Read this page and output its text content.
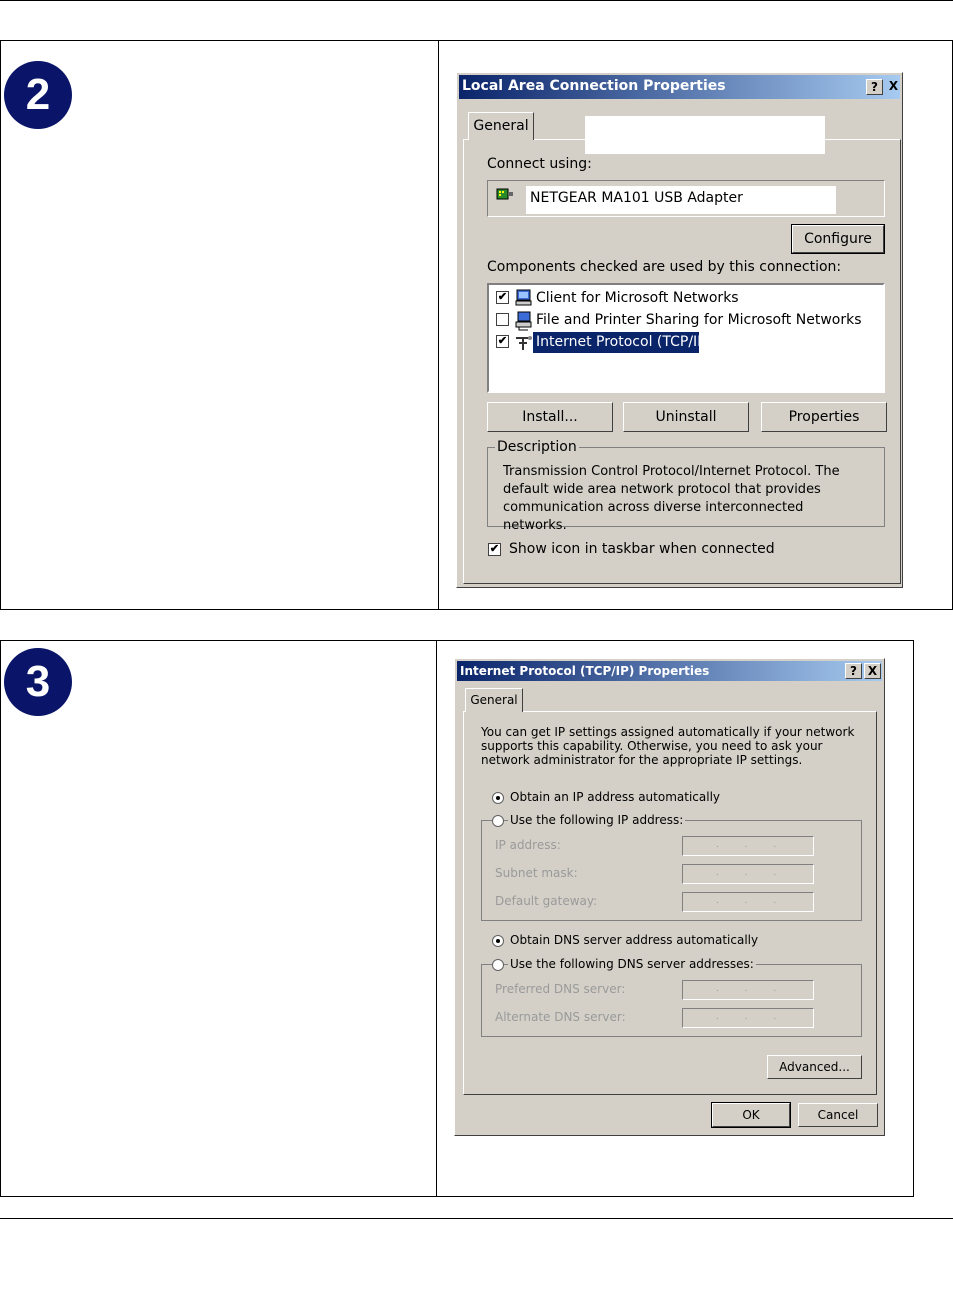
2	Local Area Connection Properties	? X
General
Connect using:
NETGEAR MA101 USB Adapter
Configure
Components checked are used by this connection:
✔ Client for Microsoft Networks
File and Printer Sharing for Microsoft Networks
✔ Internet Protocol (TCP/IP)
Install...	Uninstall	Properties
Description
Transmission Control Protocol/Internet Protocol. The default wide area network protocol that provides communication across diverse interconnected networks.
✔ Show icon in taskbar when connected
3	Internet Protocol (TCP/IP) Properties	? X
General
You can get IP settings assigned automatically if your network supports this capability. Otherwise, you need to ask your network administrator for the appropriate IP settings.
Obtain an IP address automatically
Use the following IP address:
IP address:	...
Subnet mask:	...
Default gateway:	...
Obtain DNS server address automatically
Use the following DNS server addresses:
Preferred DNS server:	...
Alternate DNS server:	...
Advanced...
OK	Cancel
